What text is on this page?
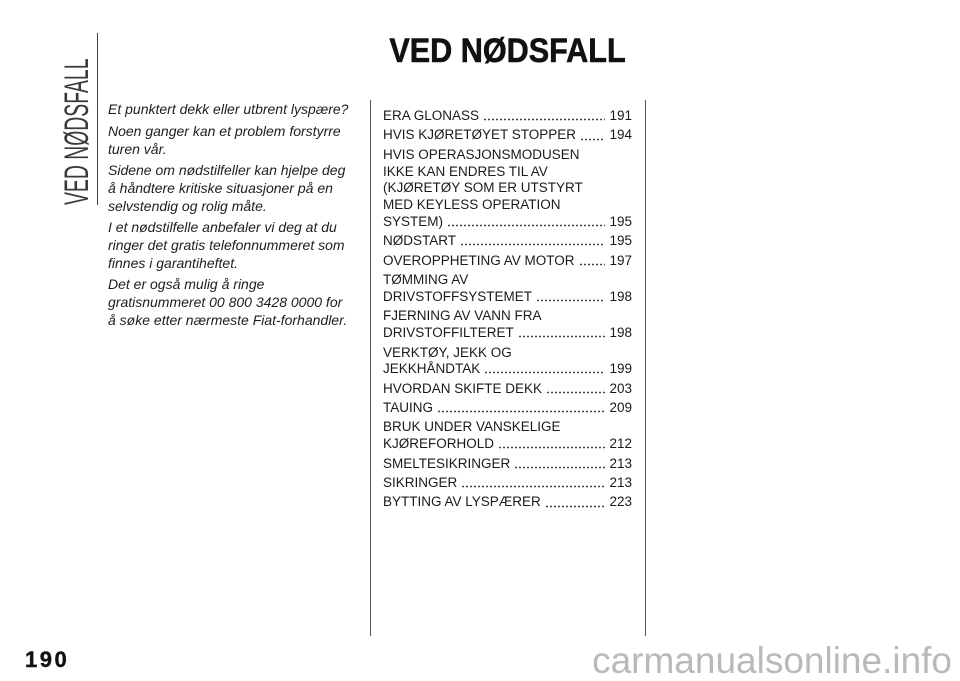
VED NØDSFALL
VED NØDSFALL
Et punktert dekk eller utbrent lyspære?
Noen ganger kan et problem forstyrre
turen vår.
Sidene om nødstilfeller kan hjelpe deg
å håndtere kritiske situasjoner på en
selvstendig og rolig måte.
I et nødstilfelle anbefaler vi deg at du
ringer det gratis telefonnummeret som
finnes i garantiheftet.
Det er også mulig å ringe
gratisnummeret 00 800 3428 0000 for
å søke etter nærmeste Fiat-forhandler.
ERA GLONASS	191
HVIS KJØRETØYET STOPPER 194
HVIS OPERASJONSMODUSEN
IKKE KAN ENDRES TIL AV
(KJØRETØY SOM ER UTSTYRT
MED KEYLESS OPERATION
SYSTEM)	195
NØDSTART	195
OVEROPPHETING AV MOTOR	197
TØMMING AV
DRIVSTOFFSYSTEMET	198
FJERNING AV VANN FRA
DRIVSTOFFILTERET	198
VERKTØY, JEKK OG
JEKKHÅNDTAK	199
HVORDAN SKIFTE DEKK	203
TAUING	209
BRUK UNDER VANSKELIGE
KJØREFORHOLD	212
SMELTESIKRINGER	213
SIKRINGER	213
BYTTING AV LYSPÆRER	223
190	carmanualsonline.info
